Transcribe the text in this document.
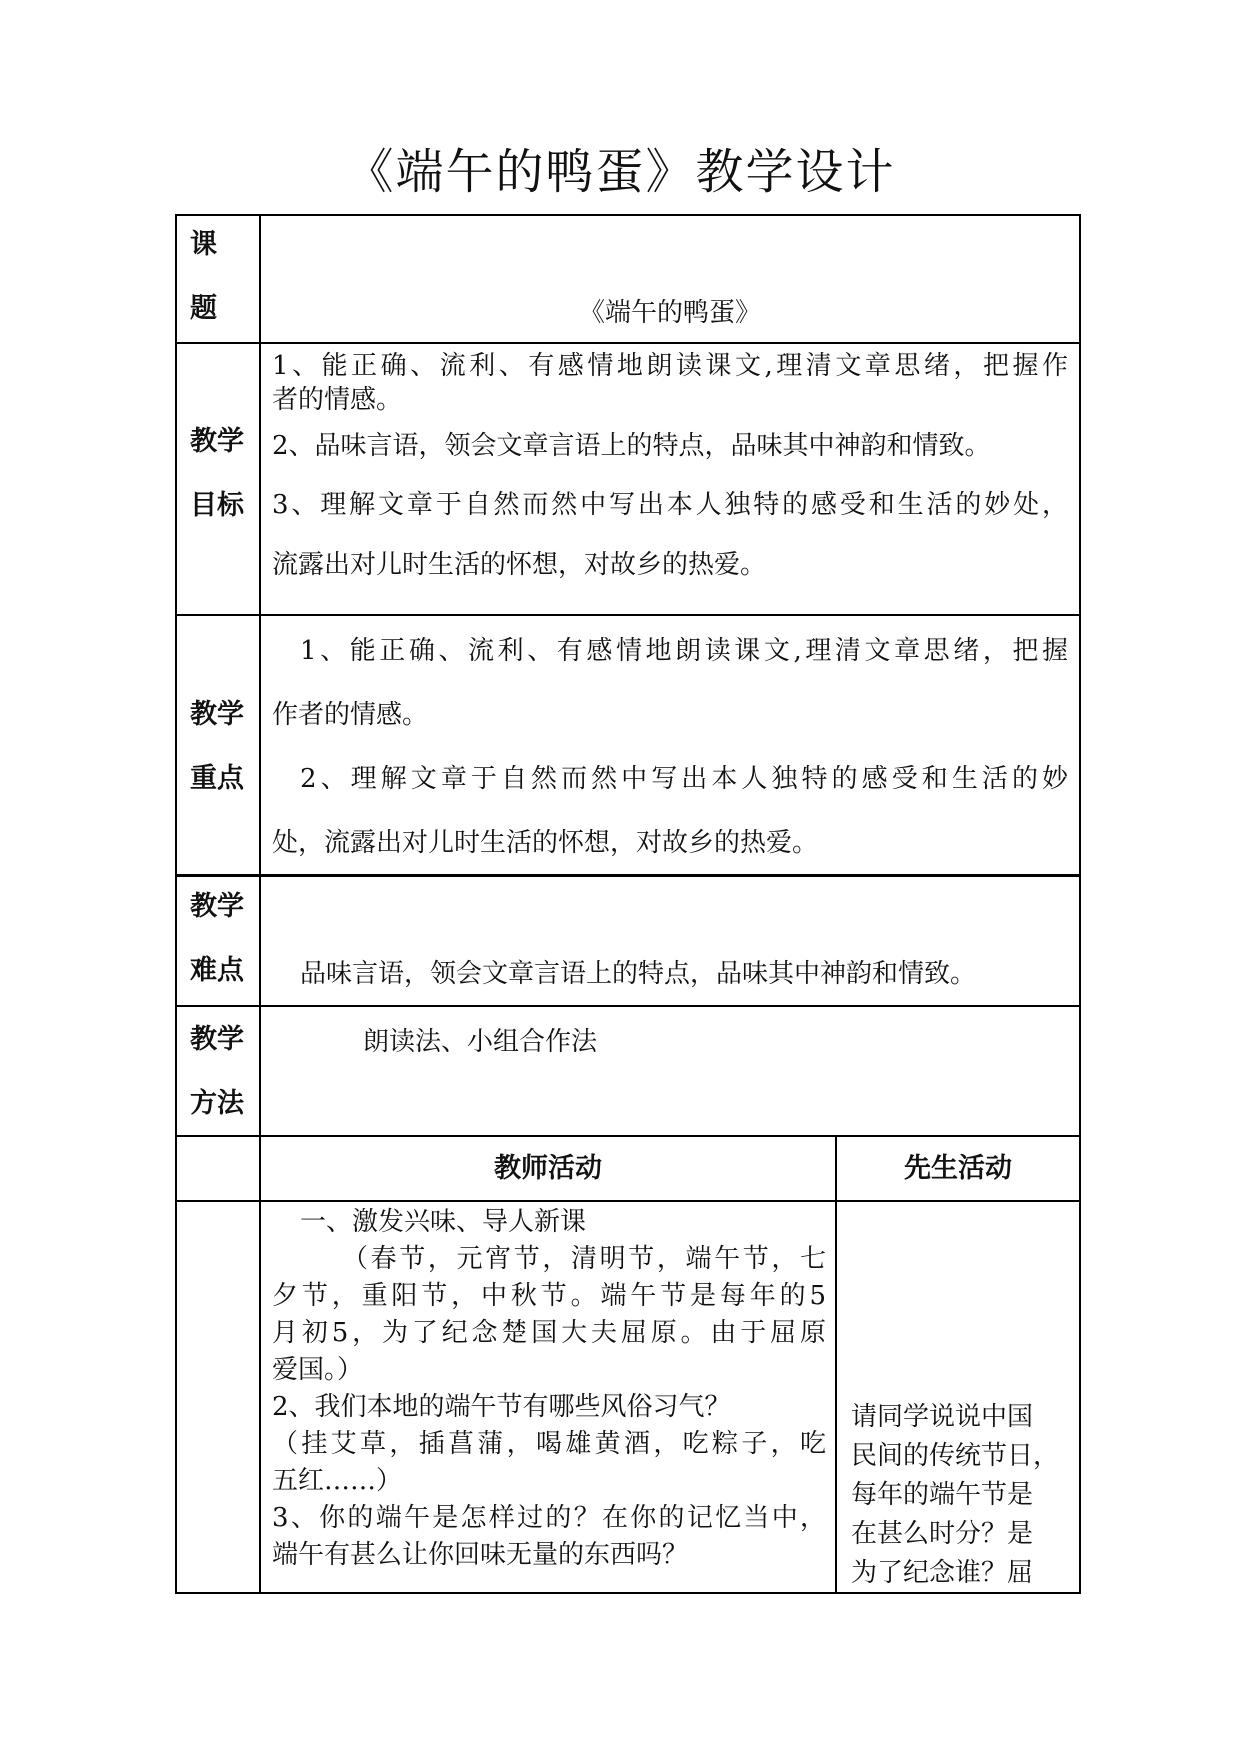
《端午的鸭蛋》教学设计
课
题	《端午的鸭蛋》
教学
目标

1、能正确、流利、有感情地朗读课文,理清文章思绪，把握作

者的情感。

2、品味言语，领会文章言语上的特点，品味其中神韵和情致。

3、理解文章于自然而然中写出本人独特的感受和生活的妙处，

流露出对儿时生活的怀想，对故乡的热爱。

教学
重点

1、能正确、流利、有感情地朗读课文,理清文章思绪，把握

作者的情感。

2、理解文章于自然而然中写出本人独特的感受和生活的妙

处，流露出对儿时生活的怀想，对故乡的热爱。

教学
难点 品味言语，领会文章言语上的特点，品味其中神韵和情致。

教学
方法

朗读法、小组合作法

教师活动	先生活动

一、激发兴味、导人新课

（春节，元宵节，清明节，端午节，七

夕节，重阳节，中秋节。端午节是每年的5

月初5，为了纪念楚国大夫屈原。由于屈原

爱国。）

2、我们本地的端午节有哪些风俗习气？

（挂艾草，插菖蒲，喝雄黄酒，吃粽子，吃

五红……）

3、你的端午是怎样过的？在你的记忆当中，

端午有甚么让你回味无量的东西吗？

请同学说说中国

民间的传统节日，

每年的端午节是

在甚么时分？是

为了纪念谁？屈
